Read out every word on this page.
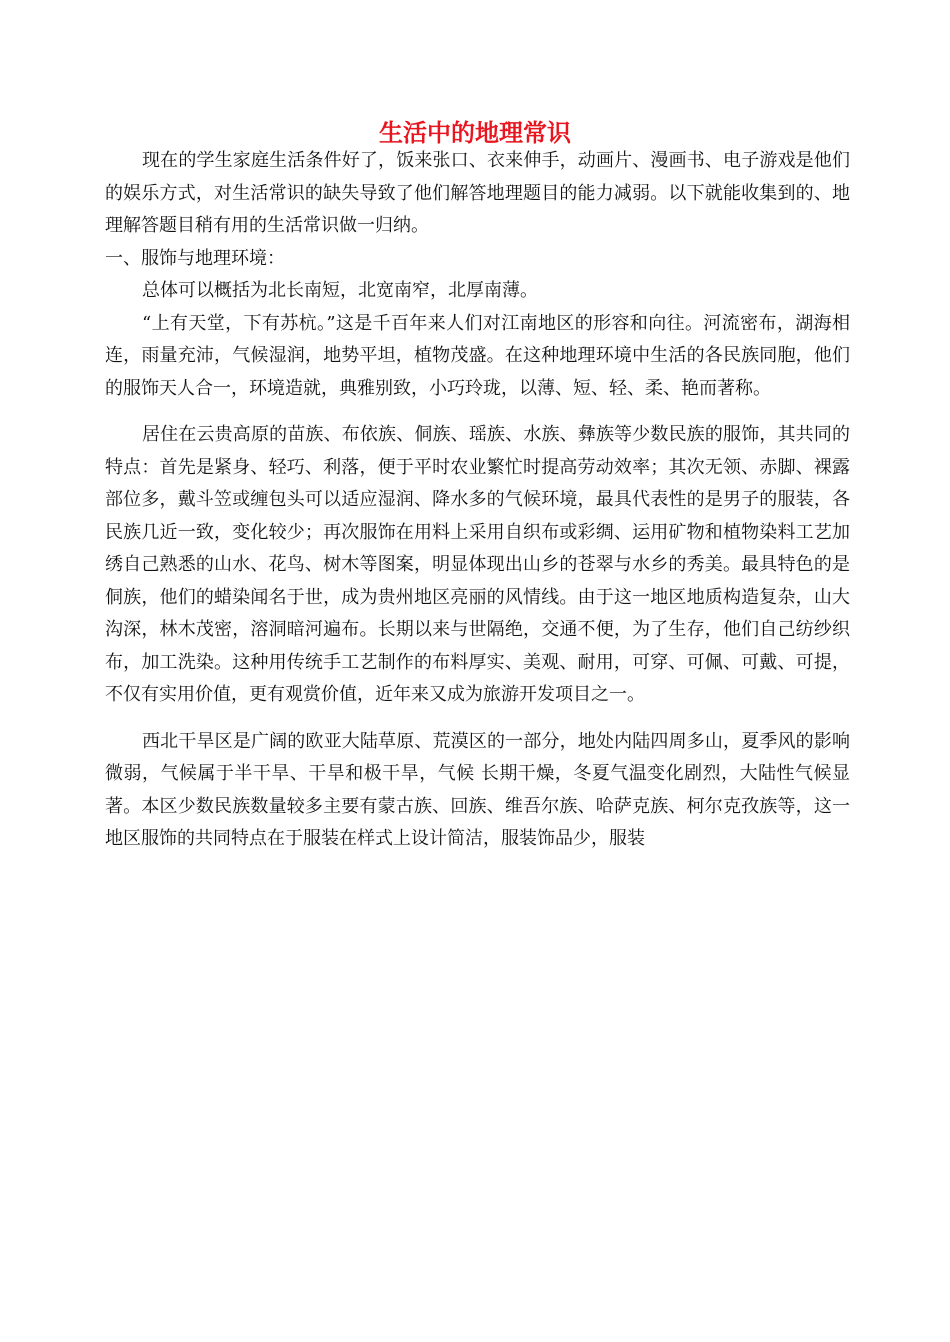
生活中的地理常识

现在的学生家庭生活条件好了，饭来张口、衣来伸手，动画片、漫画书、电子游戏是他们的娱乐方式，对生活常识的缺失导致了他们解答地理题目的能力减弱。以下就能收集到的、地理解答题目稍有用的生活常识做一归纳。

一、服饰与地理环境：

总体可以概括为北长南短，北宽南窄，北厚南薄。

“上有天堂，下有苏杭。”这是千百年来人们对江南地区的形容和向往。河流密布，湖海相连，雨量充沛，气候湿润，地势平坦，植物茂盛。在这种地理环境中生活的各民族同胞，他们的服饰天人合一，环境造就，典雅别致，小巧玲珑，以薄、短、轻、柔、艳而著称。

居住在云贵高原的苗族、布依族、侗族、瑶族、水族、彝族等少数民族的服饰，其共同的特点：首先是紧身、轻巧、利落，便于平时农业繁忙时提高劳动效率；其次无领、赤脚、裸露部位多，戴斗笠或缠包头可以适应湿润、降水多的气候环境，最具代表性的是男子的服装，各民族几近一致，变化较少；再次服饰在用料上采用自织布或彩绸、运用矿物和植物染料工艺加绣自己熟悉的山水、花鸟、树木等图案，明显体现出山乡的苍翠与水乡的秀美。最具特色的是侗族，他们的蜡染闻名于世，成为贵州地区亮丽的风情线。由于这一地区地质构造复杂，山大沟深，林木茂密，溶洞暗河遍布。长期以来与世隔绝，交通不便，为了生存，他们自己纺纱织布，加工洗染。这种用传统手工艺制作的布料厚实、美观、耐用，可穿、可佩、可戴、可提，不仅有实用价值，更有观赏价值，近年来又成为旅游开发项目之一。

西北干旱区是广阔的欧亚大陆草原、荒漠区的一部分，地处内陆四周多山，夏季风的影响微弱，气候属于半干旱、干旱和极干旱，气候 长期干燥，冬夏气温变化剧烈，大陆性气候显著。本区少数民族数量较多主要有蒙古族、回族、维吾尔族、哈萨克族、柯尔克孜族等，这一地区服饰的共同特点在于服装在样式上设计简洁，服装饰品少，服装
